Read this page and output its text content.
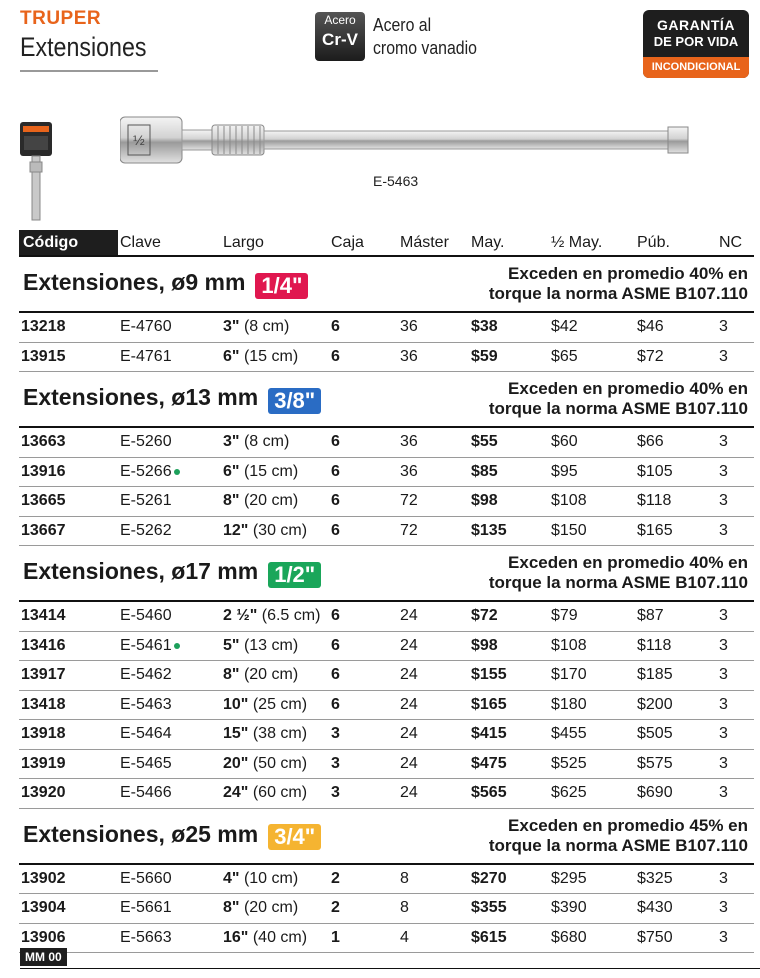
TRUPER
Extensiones
Acero
Cr-V
Acero al
cromo vanadio
GARANTÍA
DE POR VIDA
INCONDICIONAL
½
E-5463
Código	Clave	Largo	Caja	Máster	May.	½ May.	Púb.	NC
Extensiones, ø9 mm 1/4"					Exceden en promedio 40% en
torque la norma ASME B107.110			

13218	E-4760	3" (8 cm)	6	36	$38	$42	$46	3
13915	E-4761	6" (15 cm)	6	36	$59	$65	$72	3
Extensiones, ø13 mm 3/8"					Exceden en promedio 40% en
torque la norma ASME B107.110			

13663	E-5260	3" (8 cm)	6	36	$55	$60	$66	3
13916	E-5266	6" (15 cm)	6	36	$85	$95	$105	3
13665	E-5261	8" (20 cm)	6	72	$98	$108	$118	3
13667	E-5262	12" (30 cm)	6	72	$135	$150	$165	3
Extensiones, ø17 mm 1/2"					Exceden en promedio 40% en
torque la norma ASME B107.110			

13414	E-5460	2 ½" (6.5 cm)	6	24	$72	$79	$87	3
13416	E-5461	5" (13 cm)	6	24	$98	$108	$118	3
13917	E-5462	8" (20 cm)	6	24	$155	$170	$185	3
13418	E-5463	10" (25 cm)	6	24	$165	$180	$200	3
13918	E-5464	15" (38 cm)	3	24	$415	$455	$505	3
13919	E-5465	20" (50 cm)	3	24	$475	$525	$575	3
13920	E-5466	24" (60 cm)	3	24	$565	$625	$690	3
Extensiones, ø25 mm 3/4"					Exceden en promedio 45% en
torque la norma ASME B107.110			

13902	E-5660	4" (10 cm)	2	8	$270	$295	$325	3
13904	E-5661	8" (20 cm)	2	8	$355	$390	$430	3
13906	E-5663	16" (40 cm)	1	4	$615	$680	$750	3
MM 00
